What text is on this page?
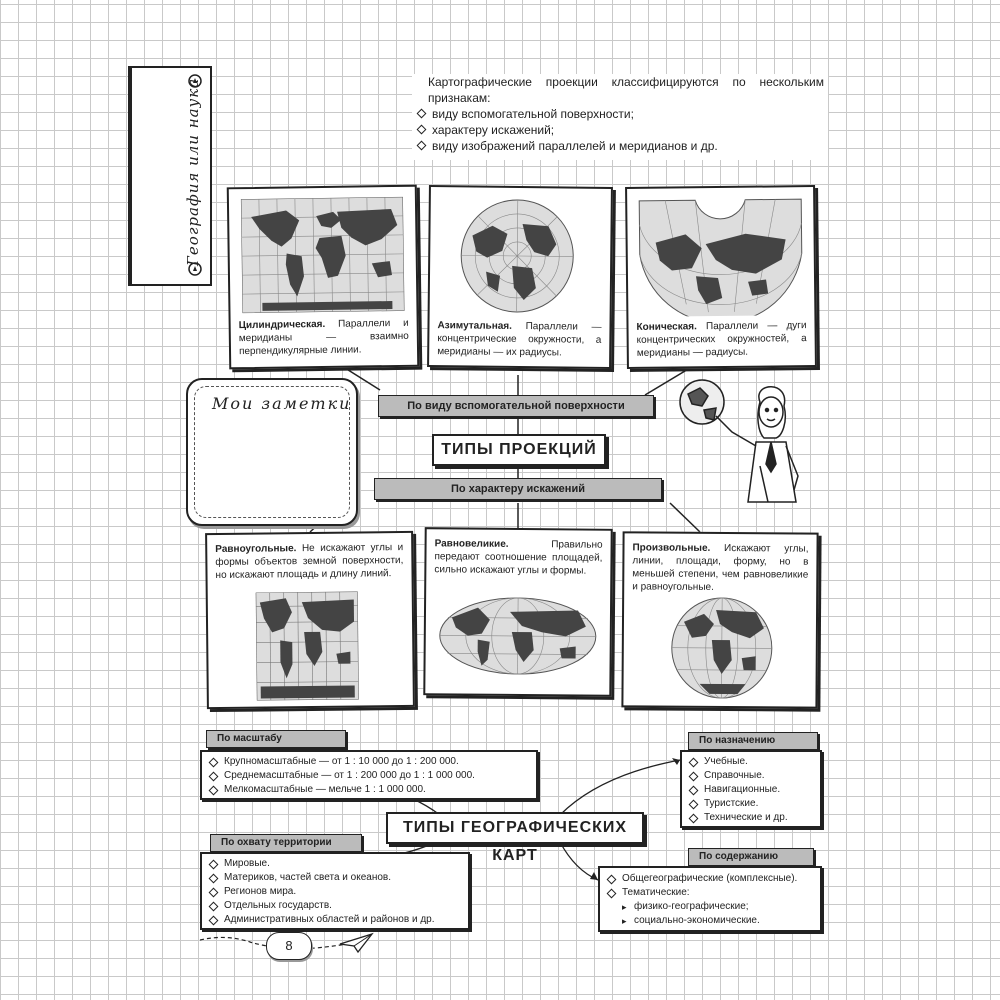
География или наука	Картографические проекции классифицируются по нескольким признакам:
виду вспомогательной поверхности;
характеру искажений;
виду изображений параллелей и меридианов и др.
Цилиндрическая. Параллели и меридианы — взаимно перпендикулярные линии.
Азимутальная. Параллели — концентрические окружности, а меридианы — их радиусы.
Коническая. Параллели — дуги концентрических окружностей, а меридианы — радиусы.
Мои заметки	По виду вспомогательной поверхности
ТИПЫ ПРОЕКЦИЙ
По характеру искажений
Равноугольные. Не искажают углы и формы объектов земной поверхности, но искажают площадь и длину линий.
Равновеликие.	Правильно передают соотношение площадей, сильно искажают углы и формы.
Произвольные. Искажают углы, линии, площади, форму, но в меньшей степени, чем равновеликие и равноугольные.
По масштабу
Крупномасштабные — от 1 : 10 000 до 1 : 200 000.
Среднемасштабные — от 1 : 200 000 до 1 : 1 000 000.
Мелкомасштабные — мельче 1 : 1 000 000.
По назначению
Учебные.
Справочные.
Навигационные.
Туристские.
Технические и др.
ТИПЫ ГЕОГРАФИЧЕСКИХ КАРТ
По охвату территории
Мировые.
Материков, частей света и океанов.
Регионов мира.
Отдельных государств.
Административных областей и районов и др.
По содержанию
Общегеографические (комплексные).
Тематические:
▸ физико-географические;
▸ социально-экономические.
8
